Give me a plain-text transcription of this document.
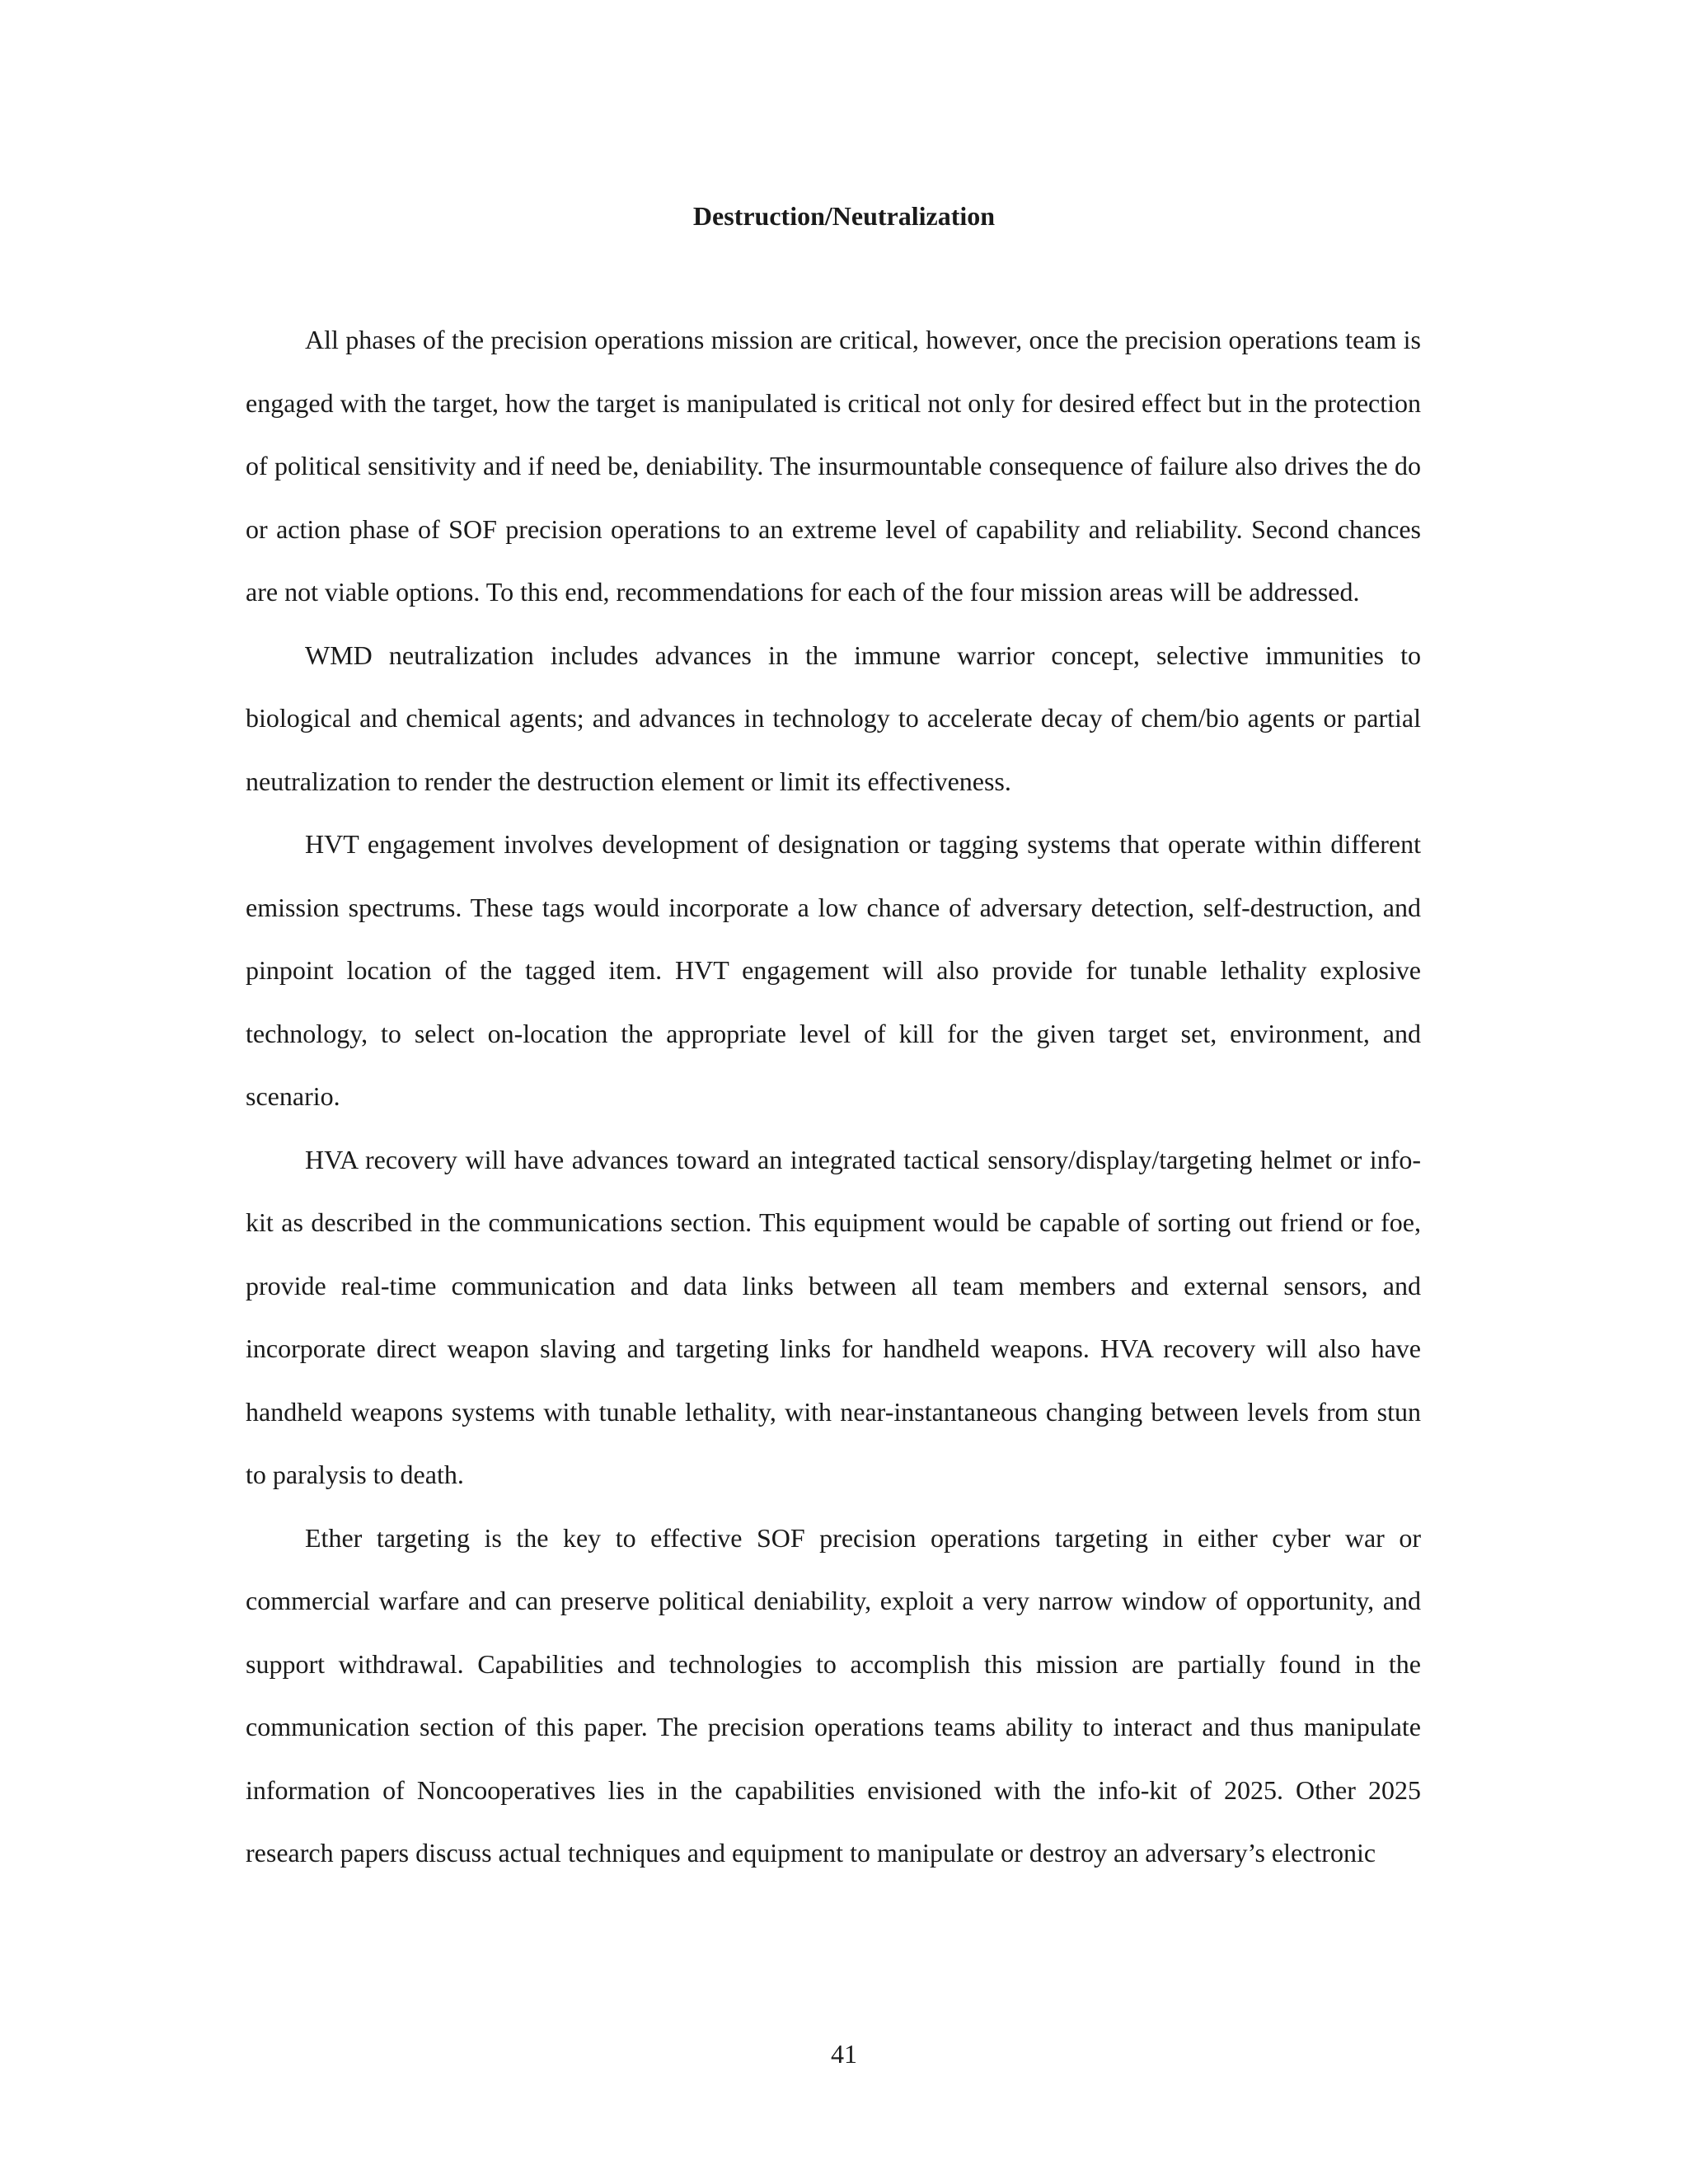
Destruction/Neutralization

All phases of the precision operations mission are critical, however, once the precision operations team is engaged with the target, how the target is manipulated is critical not only for desired effect but in the protection of political sensitivity and if need be, deniability. The insurmountable consequence of failure also drives the do or action phase of SOF precision operations to an extreme level of capability and reliability. Second chances are not viable options. To this end, recommendations for each of the four mission areas will be addressed.

WMD neutralization includes advances in the immune warrior concept, selective immunities to biological and chemical agents; and advances in technology to accelerate decay of chem/bio agents or partial neutralization to render the destruction element or limit its effectiveness.

HVT engagement involves development of designation or tagging systems that operate within different emission spectrums. These tags would incorporate a low chance of adversary detection, self-destruction, and pinpoint location of the tagged item. HVT engagement will also provide for tunable lethality explosive technology, to select on-location the appropriate level of kill for the given target set, environment, and scenario.

HVA recovery will have advances toward an integrated tactical sensory/display/targeting helmet or info-kit as described in the communications section. This equipment would be capable of sorting out friend or foe, provide real-time communication and data links between all team members and external sensors, and incorporate direct weapon slaving and targeting links for handheld weapons. HVA recovery will also have handheld weapons systems with tunable lethality, with near-instantaneous changing between levels from stun to paralysis to death.

Ether targeting is the key to effective SOF precision operations targeting in either cyber war or commercial warfare and can preserve political deniability, exploit a very narrow window of opportunity, and support withdrawal. Capabilities and technologies to accomplish this mission are partially found in the communication section of this paper. The precision operations teams ability to interact and thus manipulate information of Noncooperatives lies in the capabilities envisioned with the info-kit of 2025. Other 2025 research papers discuss actual techniques and equipment to manipulate or destroy an adversary’s electronic

41
